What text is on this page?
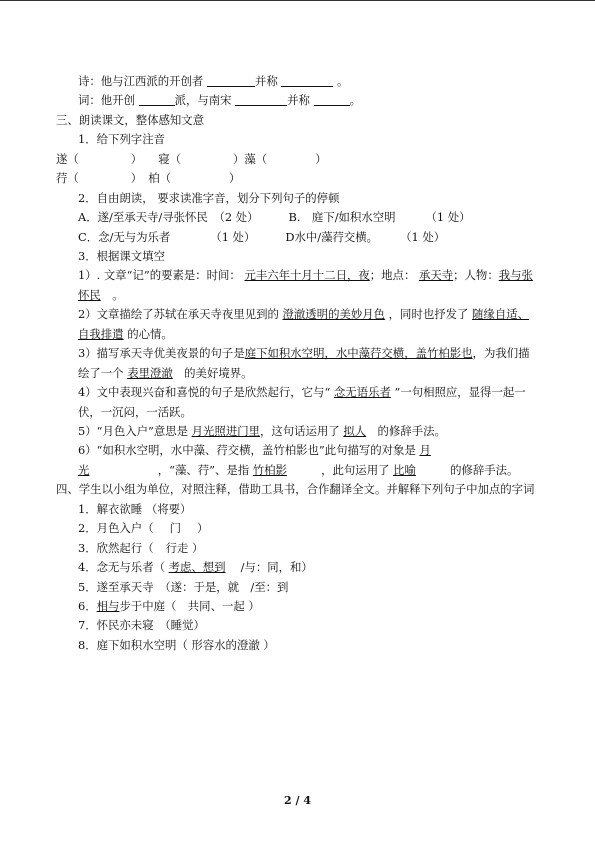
诗：他与江西派的开创者	并称	。
词：他开创	派，与南宋	并称	。
三、朗读课文，整体感知文意
1．给下列字注音
遂（	） 寝（	）藻（	）
荇（	） 柏（	）
2．自由朗读， 要求读准字音，划分下列句子的停顿
A．遂/至承天寺/寻张怀民　（2 处）	B.　庭下/如积水空明	（1 处）
C．念/无与为乐者	（1 处）	D水中/藻荇交横。 （1 处）
3．根据课文填空
1）. 文章“记”的要素是：时间： 元丰六年十月十二日，夜；地点： 承天寺；人物：我与张怀民　。
2）文章描绘了苏轼在承天寺夜里见到的 澄澈透明的美妙月色 ，同时也抒发了 随缘自适、自我排遣 的心情。
3）描写承天寺优美夜景的句子是庭下如积水空明，水中藻荇交横，盖竹柏影也，为我们描绘了一个 表里澄澈　的美好境界。
4）文中表现兴奋和喜悦的句子是欣然起行，它与“ 念无语乐者 ”一句相照应，显得一起一伏，一沉闷，一活跃。
5）“月色入户”意思是 月光照进门里，这句话运用了 拟人　的修辞手法。
6）“如积水空明，水中藻、荇交横，盖竹柏影也”此句描写的对象是 月光　　　　　　，“藻、荇”、是指 竹柏影　　　，此句运用了 比喻　　　的修辞手法。
四、学生以小组为单位，对照注释，借助工具书，合作翻译全文。并解释下列句子中加点的字词
1．解衣欲睡 （将要）
2．月色入户（ 门 ）
3．欣然起行（ 行走 ）
4．念无与乐者（ 考虑、想到　 /与：同，和）
5．遂至承天寺　（遂：于是，就　/至：到
6．相与步于中庭（　共同、一起 ）
7．怀民亦未寝　（睡觉）
8．庭下如积水空明（ 形容水的澄澈 ）
2 / 4
